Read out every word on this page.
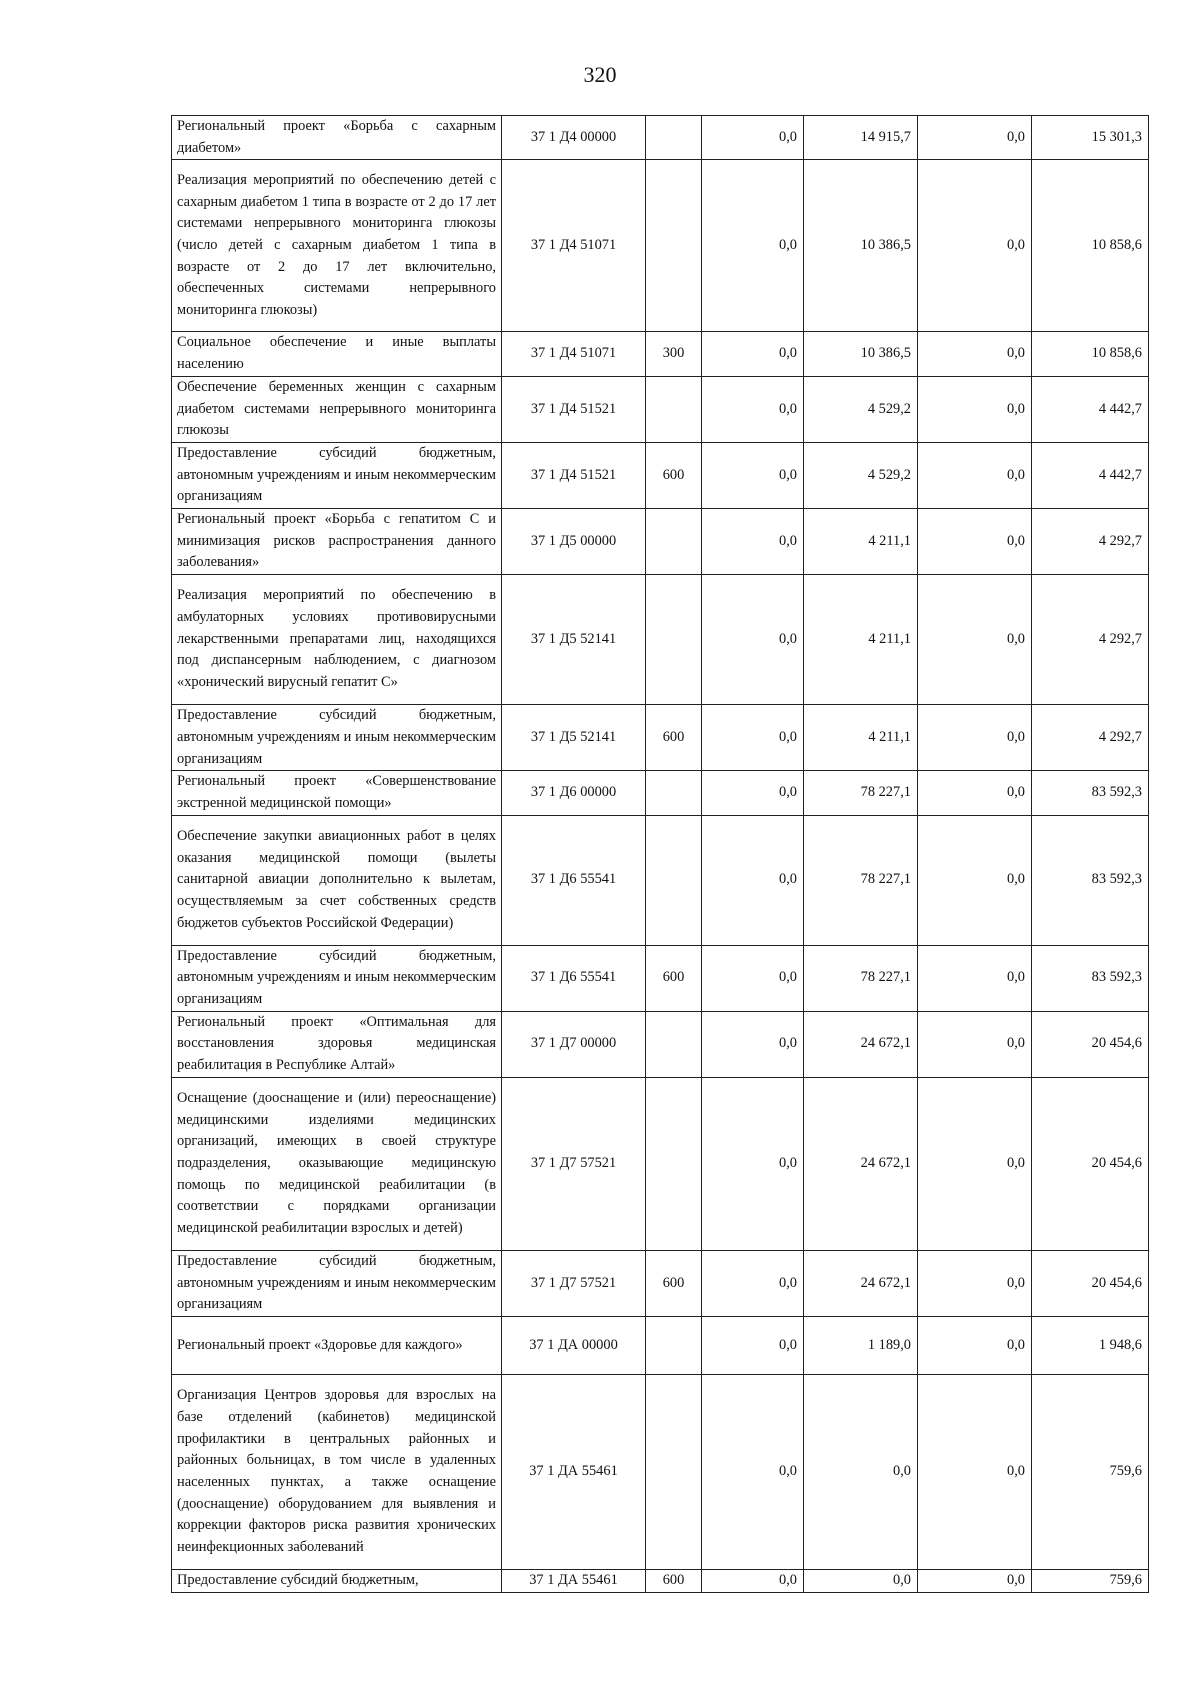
320
Региональный проект «Борьба с сахарным диабетом»	37 1 Д4 00000		0,0	14 915,7	0,0	15 301,3
Реализация мероприятий по обеспечению детей с сахарным диабетом 1 типа в возрасте от 2 до 17 лет системами непрерывного мониторинга глюкозы (число детей с сахарным диабетом 1 типа в возрасте от 2 до 17 лет включительно, обеспеченных системами непрерывного мониторинга глюкозы)	37 1 Д4 51071		0,0	10 386,5	0,0	10 858,6
Социальное обеспечение и иные выплаты населению	37 1 Д4 51071	300	0,0	10 386,5	0,0	10 858,6
Обеспечение беременных женщин с сахарным диабетом системами непрерывного мониторинга глюкозы	37 1 Д4 51521		0,0	4 529,2	0,0	4 442,7
Предоставление субсидий бюджетным, автономным учреждениям и иным некоммерческим организациям	37 1 Д4 51521	600	0,0	4 529,2	0,0	4 442,7
Региональный проект «Борьба с гепатитом С и минимизация рисков распространения данного заболевания»	37 1 Д5 00000		0,0	4 211,1	0,0	4 292,7
Реализация мероприятий по обеспечению в амбулаторных условиях противовирусными лекарственными препаратами лиц, находящихся под диспансерным наблюдением, с диагнозом «хронический вирусный гепатит С»	37 1 Д5 52141		0,0	4 211,1	0,0	4 292,7
Предоставление субсидий бюджетным, автономным учреждениям и иным некоммерческим организациям	37 1 Д5 52141	600	0,0	4 211,1	0,0	4 292,7
Региональный проект «Совершенствование экстренной медицинской помощи»	37 1 Д6 00000		0,0	78 227,1	0,0	83 592,3
Обеспечение закупки авиационных работ в целях оказания медицинской помощи (вылеты санитарной авиации дополнительно к вылетам, осуществляемым за счет собственных средств бюджетов субъектов Российской Федерации)	37 1 Д6 55541		0,0	78 227,1	0,0	83 592,3
Предоставление субсидий бюджетным, автономным учреждениям и иным некоммерческим организациям	37 1 Д6 55541	600	0,0	78 227,1	0,0	83 592,3
Региональный проект «Оптимальная для восстановления здоровья медицинская реабилитация в Республике Алтай»	37 1 Д7 00000		0,0	24 672,1	0,0	20 454,6
Оснащение (дооснащение и (или) переоснащение) медицинскими изделиями медицинских организаций, имеющих в своей структуре подразделения, оказывающие медицинскую помощь по медицинской реабилитации (в соответствии с порядками организации медицинской реабилитации взрослых и детей)	37 1 Д7 57521		0,0	24 672,1	0,0	20 454,6
Предоставление субсидий бюджетным, автономным учреждениям и иным некоммерческим организациям	37 1 Д7 57521	600	0,0	24 672,1	0,0	20 454,6
Региональный проект «Здоровье для каждого»	37 1 ДА 00000		0,0	1 189,0	0,0	1 948,6
Организация Центров здоровья для взрослых на базе отделений (кабинетов) медицинской профилактики в центральных районных и районных больницах, в том числе в удаленных населенных пунктах, а также оснащение (дооснащение) оборудованием для выявления и коррекции факторов риска развития хронических неинфекционных заболеваний	37 1 ДА 55461		0,0	0,0	0,0	759,6
Предоставление субсидий бюджетным,	37 1 ДА 55461	600	0,0	0,0	0,0	759,6
